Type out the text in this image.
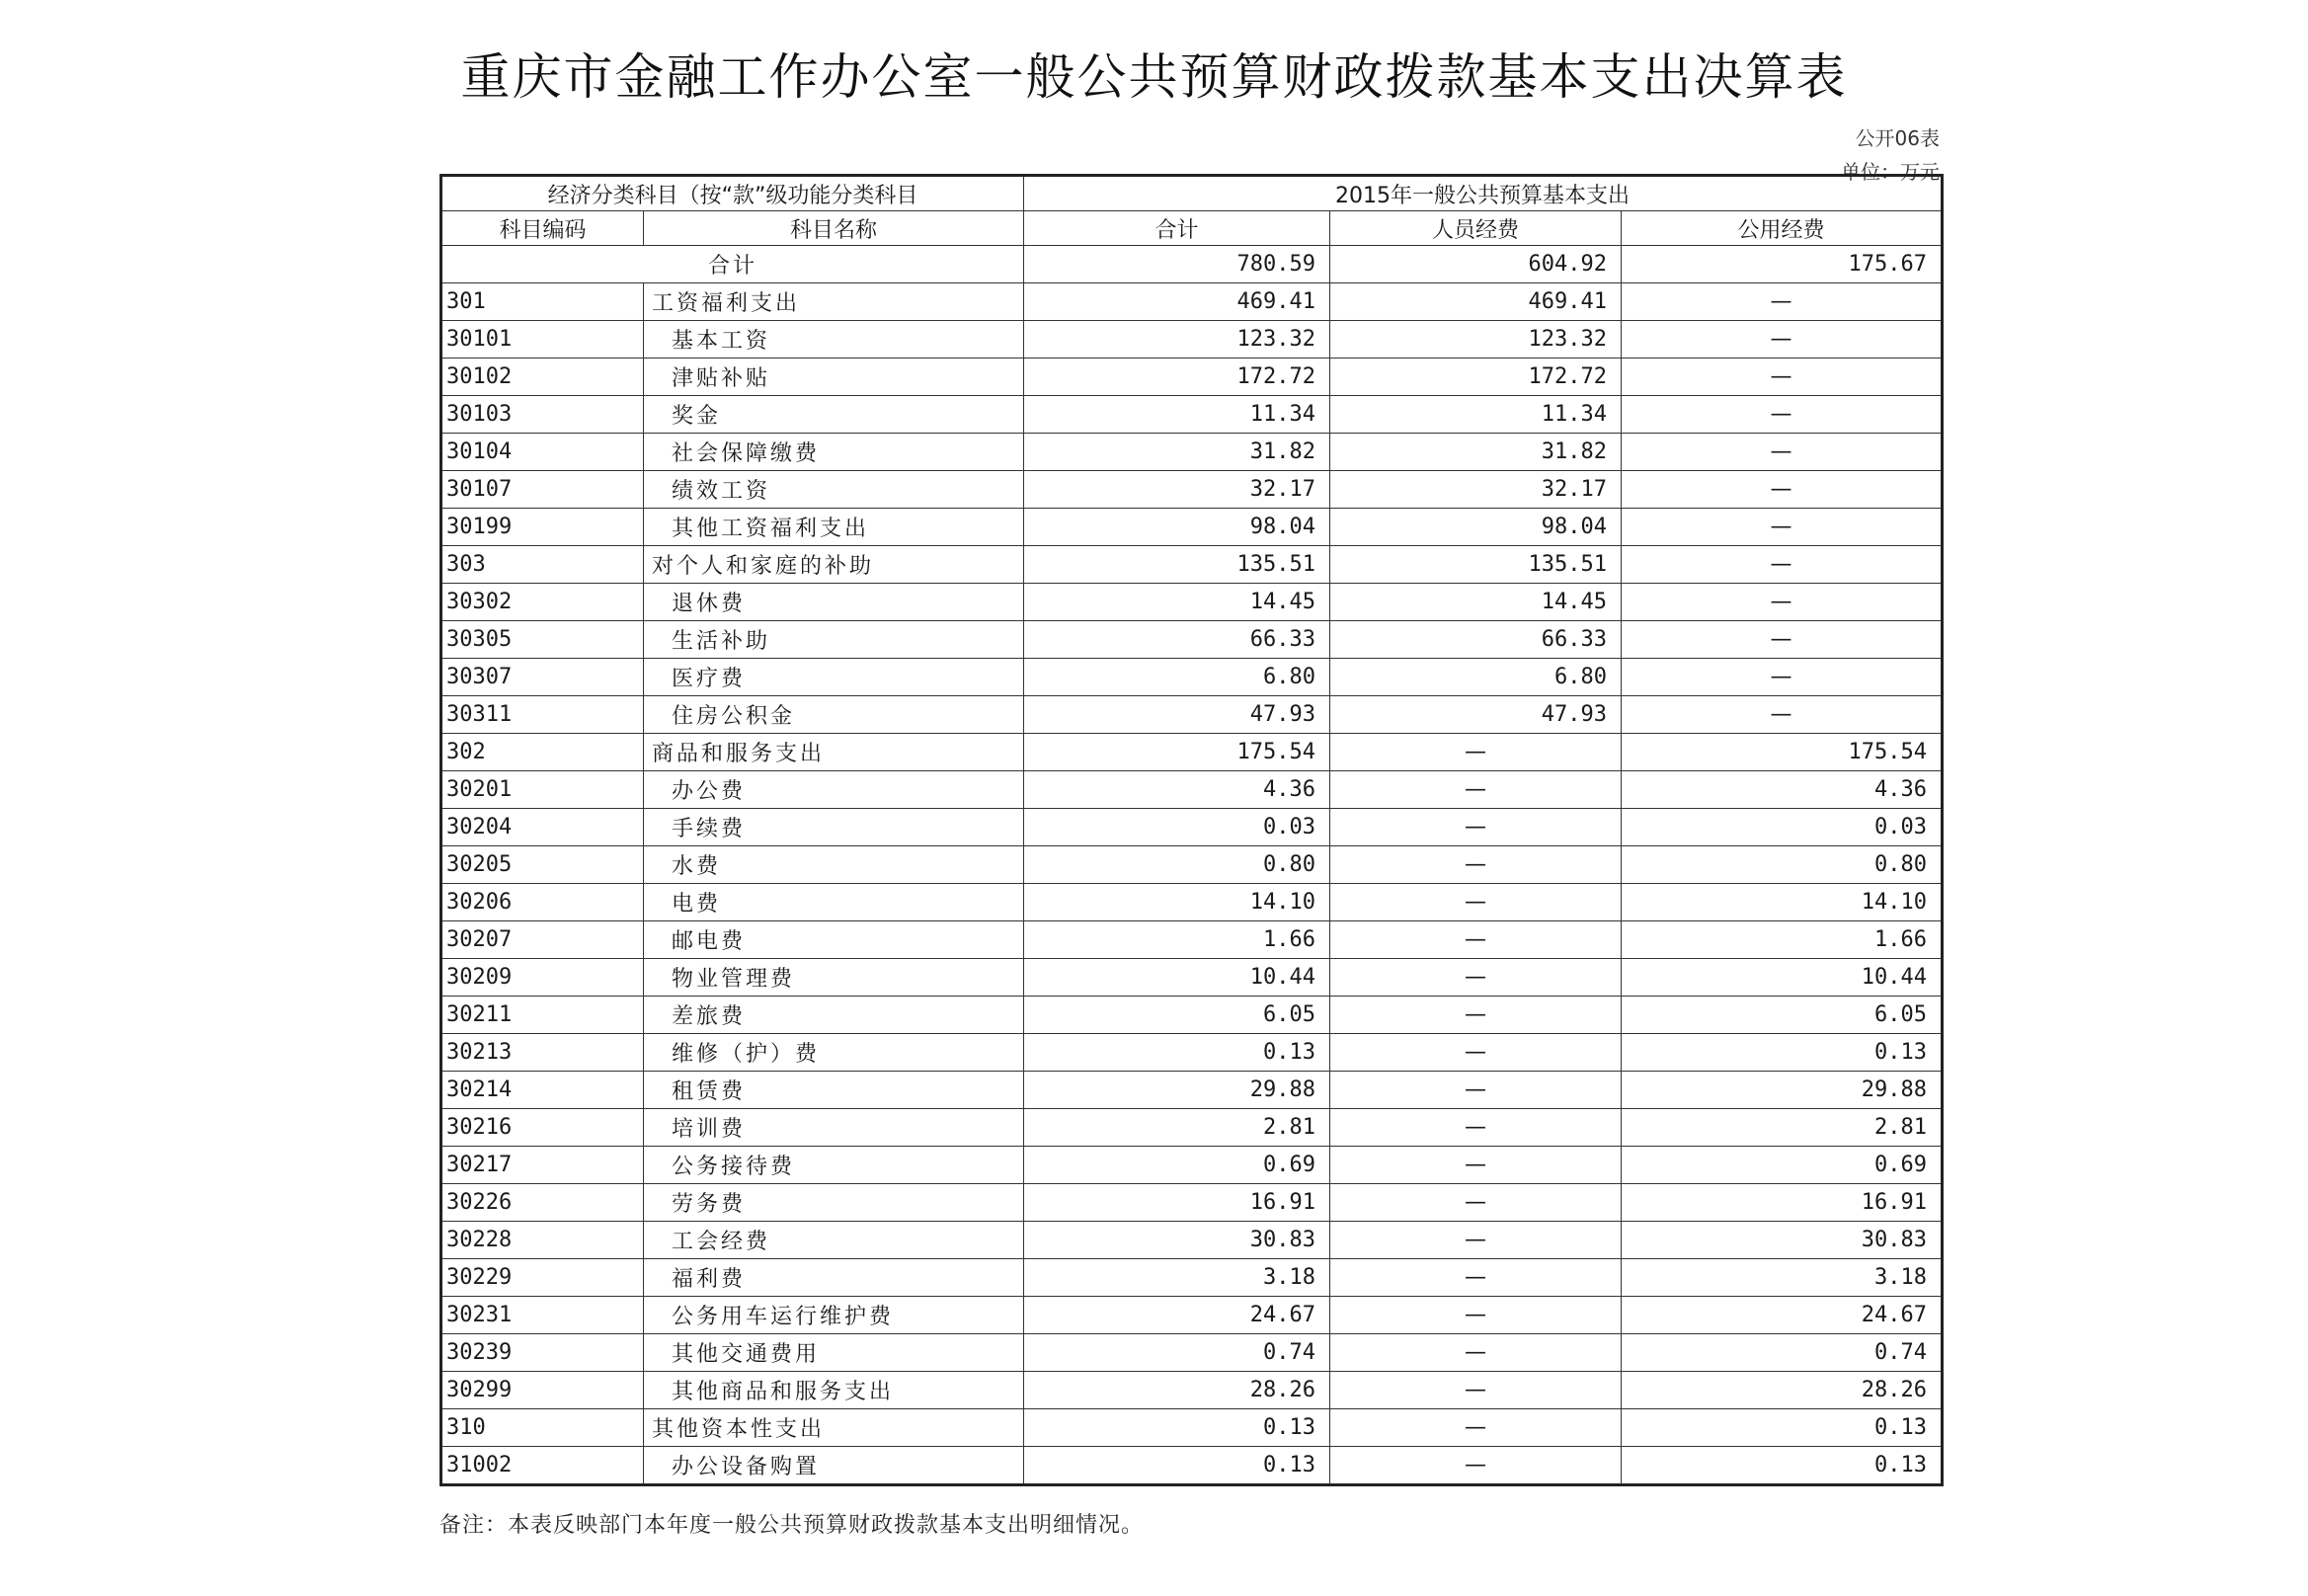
重庆市金融工作办公室一般公共预算财政拨款基本支出决算表
公开06表
单位：万元
经济分类科目（按“款”级功能分类科目		2015年一般公共预算基本支出		
科目编码	科目名称	合计	人员经费	公用经费
合计		780.59	604.92	175.67
301	工资福利支出	469.41	469.41	—
30101	基本工资	123.32	123.32	—
30102	津贴补贴	172.72	172.72	—
30103	奖金	11.34	11.34	—
30104	社会保障缴费	31.82	31.82	—
30107	绩效工资	32.17	32.17	—
30199	其他工资福利支出	98.04	98.04	—
303	对个人和家庭的补助	135.51	135.51	—
30302	退休费	14.45	14.45	—
30305	生活补助	66.33	66.33	—
30307	医疗费	6.80	6.80	—
30311	住房公积金	47.93	47.93	—
302	商品和服务支出	175.54	—	175.54
30201	办公费	4.36	—	4.36
30204	手续费	0.03	—	0.03
30205	水费	0.80	—	0.80
30206	电费	14.10	—	14.10
30207	邮电费	1.66	—	1.66
30209	物业管理费	10.44	—	10.44
30211	差旅费	6.05	—	6.05
30213	维修（护）费	0.13	—	0.13
30214	租赁费	29.88	—	29.88
30216	培训费	2.81	—	2.81
30217	公务接待费	0.69	—	0.69
30226	劳务费	16.91	—	16.91
30228	工会经费	30.83	—	30.83
30229	福利费	3.18	—	3.18
30231	公务用车运行维护费	24.67	—	24.67
30239	其他交通费用	0.74	—	0.74
30299	其他商品和服务支出	28.26	—	28.26
310	其他资本性支出	0.13	—	0.13
31002	办公设备购置	0.13	—	0.13
备注：本表反映部门本年度一般公共预算财政拨款基本支出明细情况。
